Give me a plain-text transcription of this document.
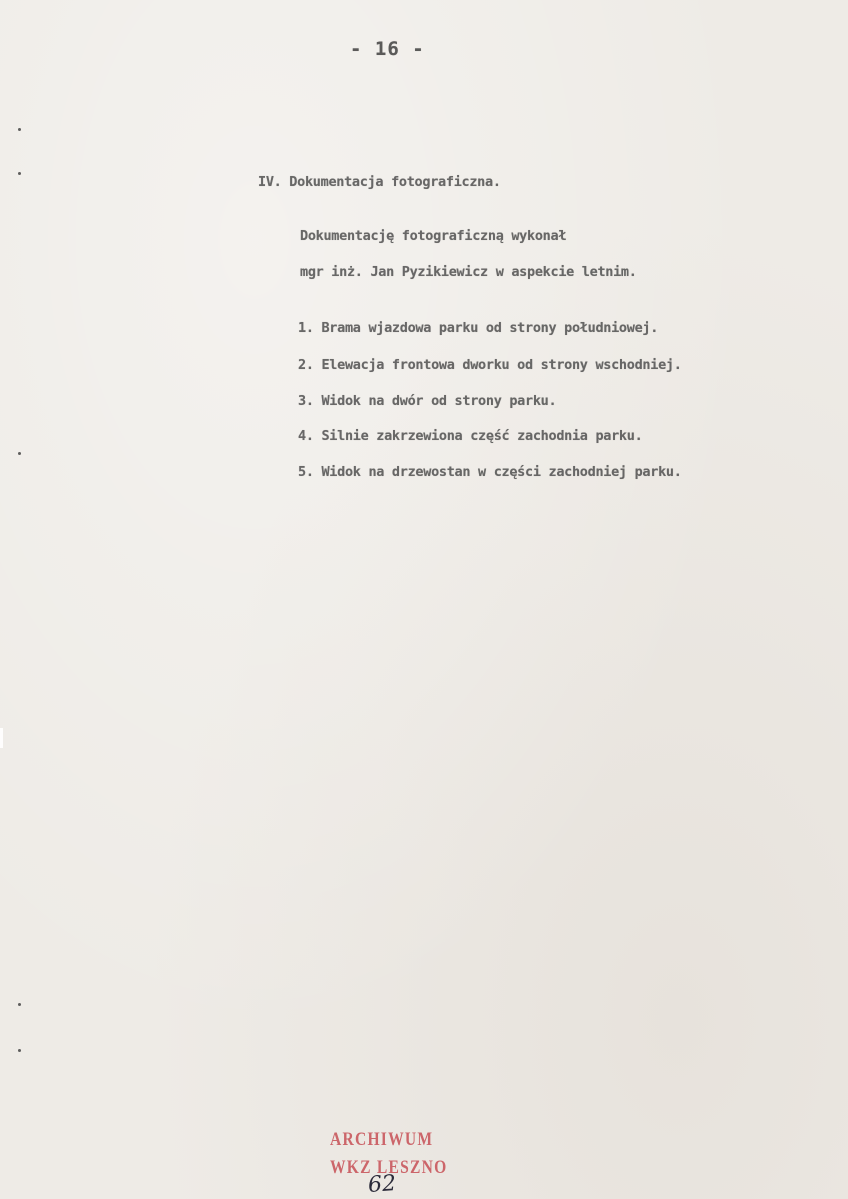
- 16 -
IV. Dokumentacja fotograficzna.
Dokumentację fotograficzną wykonał
mgr inż. Jan Pyzikiewicz w aspekcie letnim.
1. Brama wjazdowa parku od strony południowej.
2. Elewacja frontowa dworku od strony wschodniej.
3. Widok na dwór od strony parku.
4. Silnie zakrzewiona część zachodnia parku.
5. Widok na drzewostan w części zachodniej parku.
ARCHIWUM
WKZ LESZNO
62
